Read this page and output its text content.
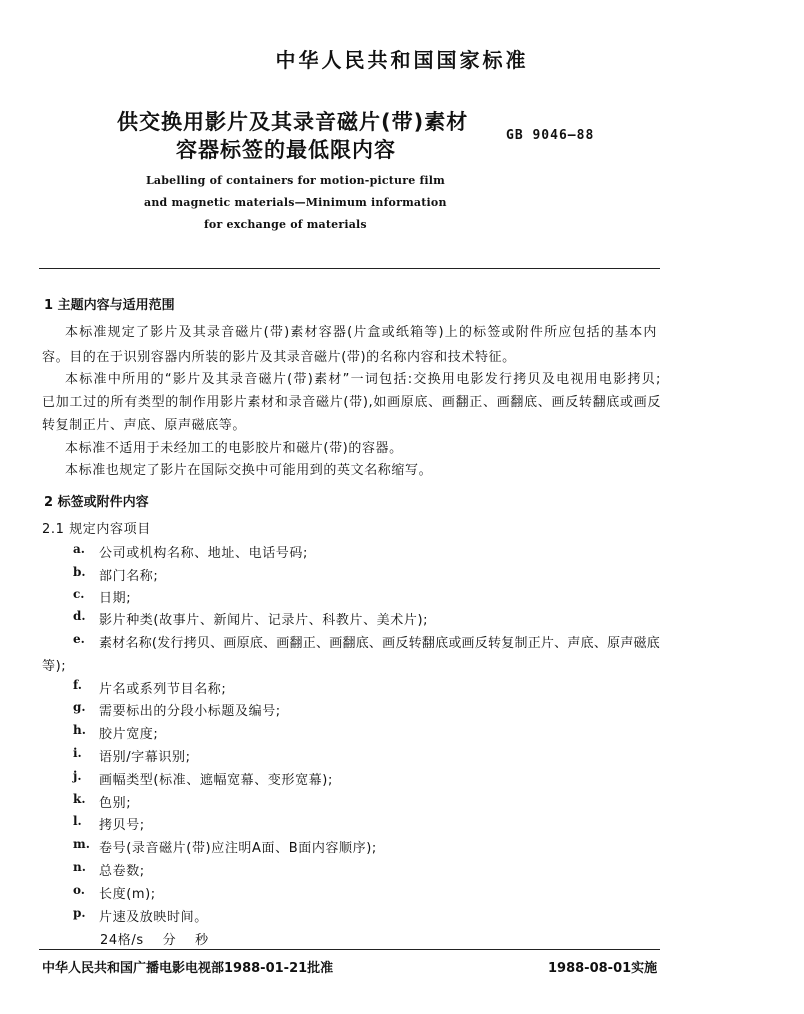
中华人民共和国国家标准
供交换用影片及其录音磁片(带)素材
容器标签的最低限内容
GB 9046—88
Labelling of containers for motion-picture film
and magnetic materials—Minimum information
for exchange of materials
1 主题内容与适用范围
本标准规定了影片及其录音磁片(带)素材容器(片盒或纸箱等)上的标签或附件所应包括的基本内
容。目的在于识别容器内所装的影片及其录音磁片(带)的名称内容和技术特征。
本标准中所用的“影片及其录音磁片(带)素材”一词包括:交换用电影发行拷贝及电视用电影拷贝;
已加工过的所有类型的制作用影片素材和录音磁片(带),如画原底、画翻正、画翻底、画反转翻底或画反
转复制正片、声底、原声磁底等。
本标准不适用于未经加工的电影胶片和磁片(带)的容器。
本标准也规定了影片在国际交换中可能用到的英文名称缩写。
2 标签或附件内容
2.1 规定内容项目
a. 公司或机构名称、地址、电话号码;
b. 部门名称;
c. 日期;
d. 影片种类(故事片、新闻片、记录片、科教片、美术片);
e. 素材名称(发行拷贝、画原底、画翻正、画翻底、画反转翻底或画反转复制正片、声底、原声磁底
等);
f. 片名或系列节目名称;
g. 需要标出的分段小标题及编号;
h. 胶片宽度;
i. 语别/字幕识别;
j. 画幅类型(标准、遮幅宽幕、变形宽幕);
k. 色别;
l. 拷贝号;
m. 卷号(录音磁片(带)应注明A面、B面内容顺序);
n. 总卷数;
o. 长度(m);
p. 片速及放映时间。
24格/s    分    秒
中华人民共和国广播电影电视部1988-01-21批准	1988-08-01实施
